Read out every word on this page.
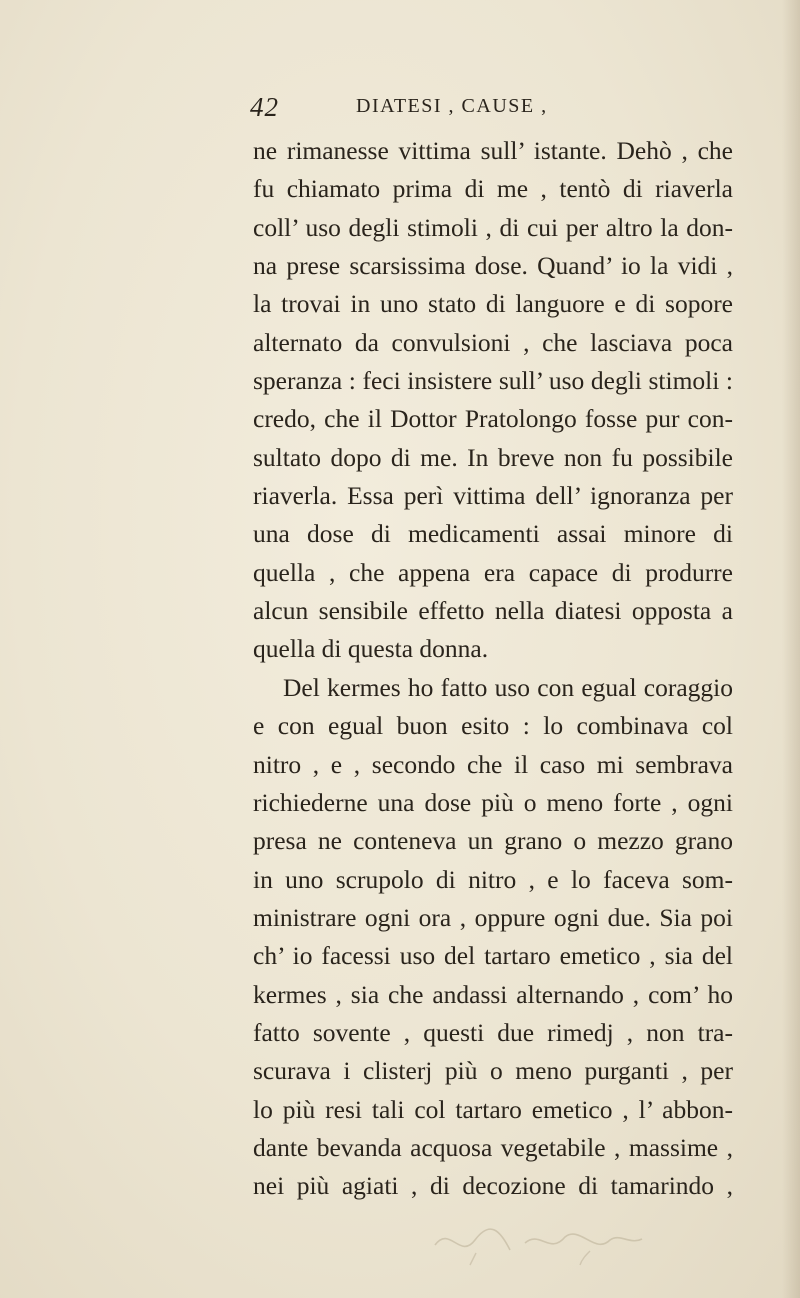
42	DIATESI , CAUSE ,
ne rimanesse vittima sull’ istante. Dehò , che
fu chiamato prima di me , tentò di riaverla
coll’ uso degli stimoli , di cui per altro la don-
na prese scarsissima dose. Quand’ io la vidi ,
la trovai in uno stato di languore e di sopore
alternato da convulsioni , che lasciava poca
speranza : feci insistere sull’ uso degli stimoli :
credo, che il Dottor Pratolongo fosse pur con-
sultato dopo di me. In breve non fu possibile
riaverla. Essa perì vittima dell’ ignoranza per
una dose di medicamenti assai minore di
quella , che appena era capace di produrre
alcun sensibile effetto nella diatesi opposta a
quella di questa donna.
Del kermes ho fatto uso con egual coraggio
e con egual buon esito : lo combinava col
nitro , e , secondo che il caso mi sembrava
richiederne una dose più o meno forte , ogni
presa ne conteneva un grano o mezzo grano
in uno scrupolo di nitro , e lo faceva som-
ministrare ogni ora , oppure ogni due. Sia poi
ch’ io facessi uso del tartaro emetico , sia del
kermes , sia che andassi alternando , com’ ho
fatto sovente , questi due rimedj , non tra-
scurava i clisterj più o meno purganti , per
lo più resi tali col tartaro emetico , l’ abbon-
dante bevanda acquosa vegetabile , massime ,
nei più agiati , di decozione di tamarindo ,
